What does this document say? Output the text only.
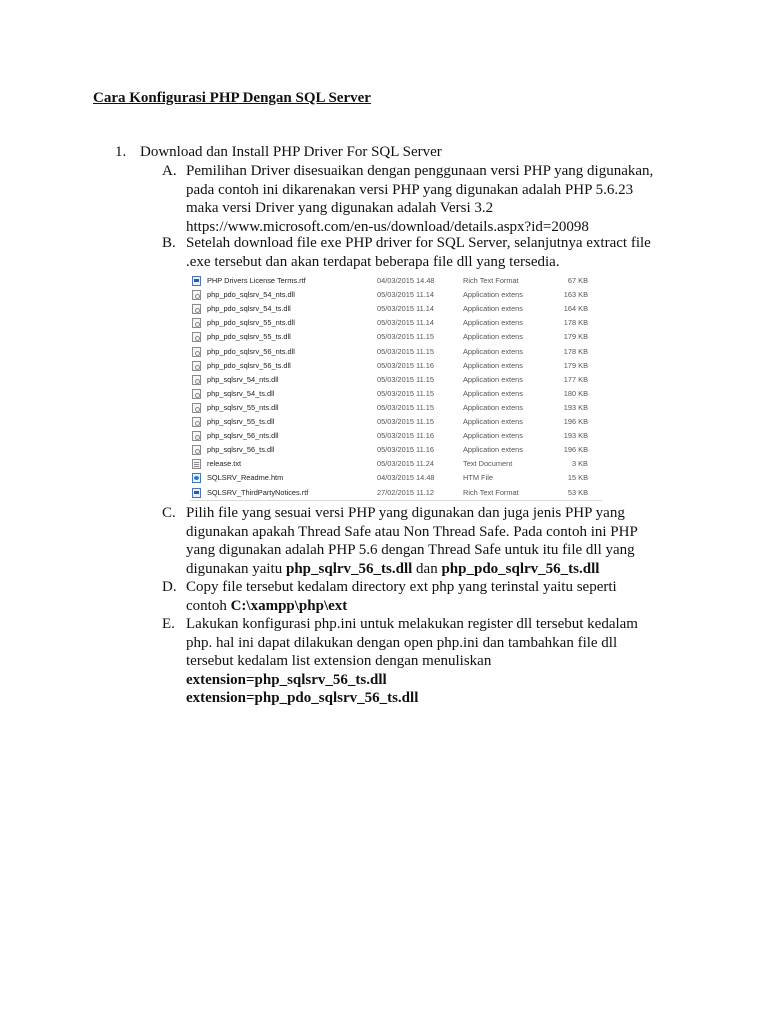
Cara Konfigurasi PHP Dengan SQL Server
1. Download dan Install PHP Driver For SQL Server
A. Pemilihan Driver disesuaikan dengan penggunaan versi PHP yang digunakan,
pada contoh ini dikarenakan versi PHP yang digunakan adalah PHP 5.6.23
maka versi Driver yang digunakan adalah Versi 3.2
https://www.microsoft.com/en-us/download/details.aspx?id=20098
B. Setelah download file exe PHP driver for SQL Server, selanjutnya extract file
.exe tersebut dan akan terdapat beberapa file dll yang tersedia.
PHP Drivers License Terms.rtf	04/03/2015 14.48	Rich Text Format	67 KB
php_pdo_sqlsrv_54_nts.dll	05/03/2015 11.14	Application extens	163 KB
php_pdo_sqlsrv_54_ts.dll	05/03/2015 11.14	Application extens	164 KB
php_pdo_sqlsrv_55_nts.dll	05/03/2015 11.14	Application extens	178 KB
php_pdo_sqlsrv_55_ts.dll	05/03/2015 11.15	Application extens	179 KB
php_pdo_sqlsrv_56_nts.dll	05/03/2015 11.15	Application extens	178 KB
php_pdo_sqlsrv_56_ts.dll	05/03/2015 11.16	Application extens	179 KB
php_sqlsrv_54_nts.dll	05/03/2015 11.15	Application extens	177 KB
php_sqlsrv_54_ts.dll	05/03/2015 11.15	Application extens	180 KB
php_sqlsrv_55_nts.dll	05/03/2015 11.15	Application extens	193 KB
php_sqlsrv_55_ts.dll	05/03/2015 11.15	Application extens	196 KB
php_sqlsrv_56_nts.dll	05/03/2015 11.16	Application extens	193 KB
php_sqlsrv_56_ts.dll	05/03/2015 11.16	Application extens	196 KB
release.txt	05/03/2015 11.24	Text Document	3 KB
SQLSRV_Readme.htm	04/03/2015 14.48	HTM File	15 KB
SQLSRV_ThirdPartyNotices.rtf	27/02/2015 11.12	Rich Text Format	53 KB
C. Pilih file yang sesuai versi PHP yang digunakan dan juga jenis PHP yang
digunakan apakah Thread Safe atau Non Thread Safe. Pada contoh ini PHP
yang digunakan adalah PHP 5.6 dengan Thread Safe untuk itu file dll yang
digunakan yaitu php_sqlrv_56_ts.dll dan php_pdo_sqlrv_56_ts.dll
D. Copy file tersebut kedalam directory ext php yang terinstal yaitu seperti
contoh C:\xampp\php\ext
E. Lakukan konfigurasi php.ini untuk melakukan register dll tersebut kedalam
php. hal ini dapat dilakukan dengan open php.ini dan tambahkan file dll
tersebut kedalam list extension dengan menuliskan
extension=php_sqlsrv_56_ts.dll
extension=php_pdo_sqlsrv_56_ts.dll
